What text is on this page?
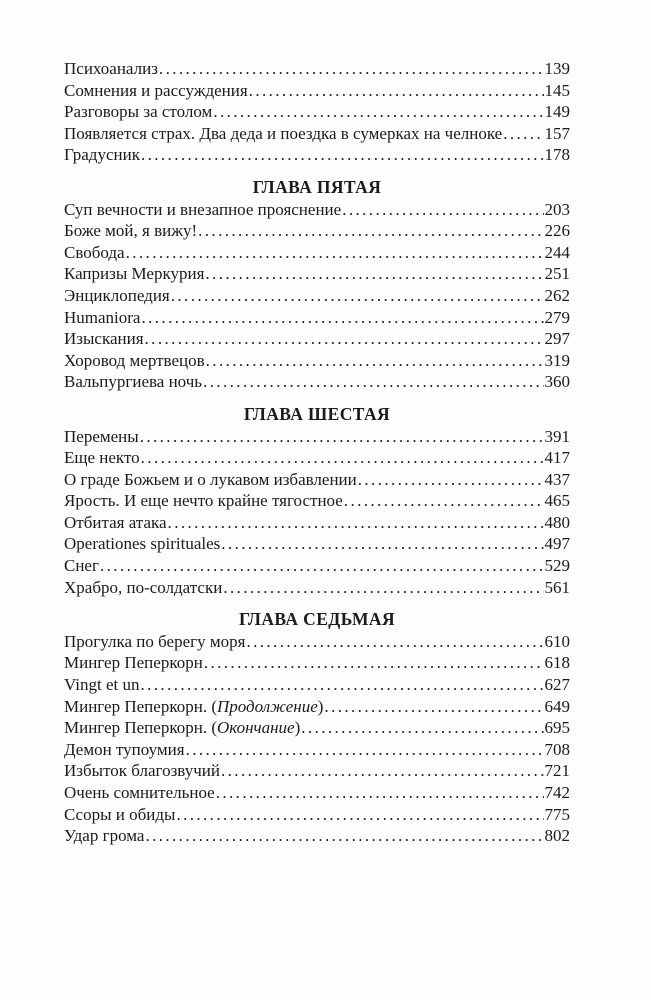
Психоанализ .....	139
Сомнения и рассуждения .....	145
Разговоры за столом .....	149
Появляется страх. Два деда и поездка в сумерках на челноке ..... 157
Градусник .....	178
ГЛАВА ПЯТАЯ
Суп вечности и внезапное прояснение .....	203
Боже мой, я вижу! .....	226
Свобода .....	244
Капризы Меркурия .....	251
Энциклопедия .....	262
Humaniora .....	279
Изыскания .....	297
Хоровод мертвецов .....	319
Вальпургиева ночь .....	360
ГЛАВА ШЕСТАЯ
Перемены .....	391
Еще некто .....	417
О граде Божьем и о лукавом избавлении .....	437
Ярость. И еще нечто крайне тягостное .....	465
Отбитая атака .....	480
Operationes spirituales .....	497
Снег .....	529
Храбро, по-солдатски .....	561
ГЛАВА СЕДЬМАЯ
Прогулка по берегу моря .....	610
Мингер Пеперкорн .....	618
Vingt et un .....	627
Мингер Пеперкорн. (Продолжение) .....	649
Мингер Пеперкорн. (Окончание) .....	695
Демон тупоумия .....	708
Избыток благозвучий .....	721
Очень сомнительное .....	742
Ссоры и обиды .....	775
Удар грома .....	802
